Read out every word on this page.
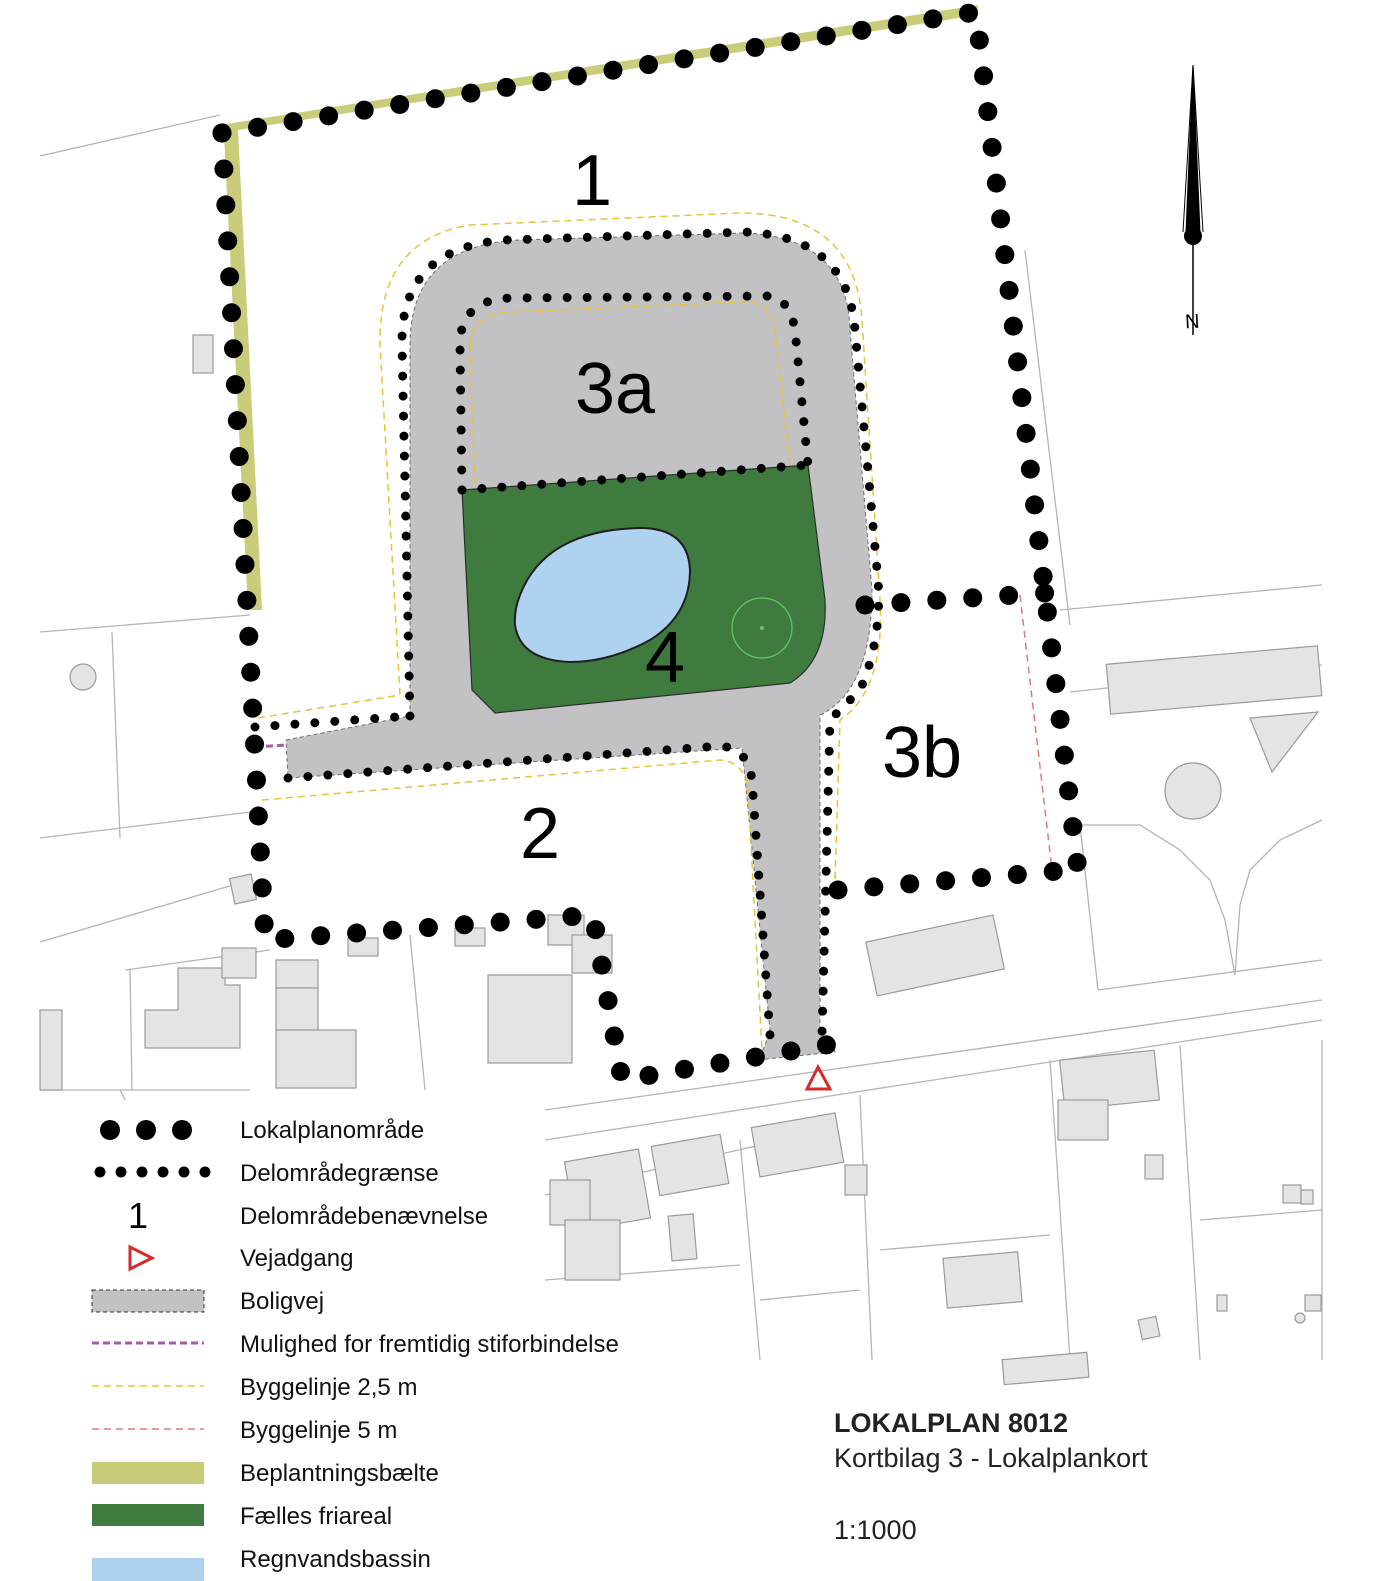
1
3a
4
3b
2
N
1
Lokalplanområde
Delområdegrænse
Delområdebenævnelse
Vejadgang
Boligvej
Mulighed for fremtidig stiforbindelse
Byggelinje 2,5 m
Byggelinje 5 m
Beplantningsbælte
Fælles friareal
Regnvandsbassin
LOKALPLAN 8012
Kortbilag 3 - Lokalplankort
1:1000
